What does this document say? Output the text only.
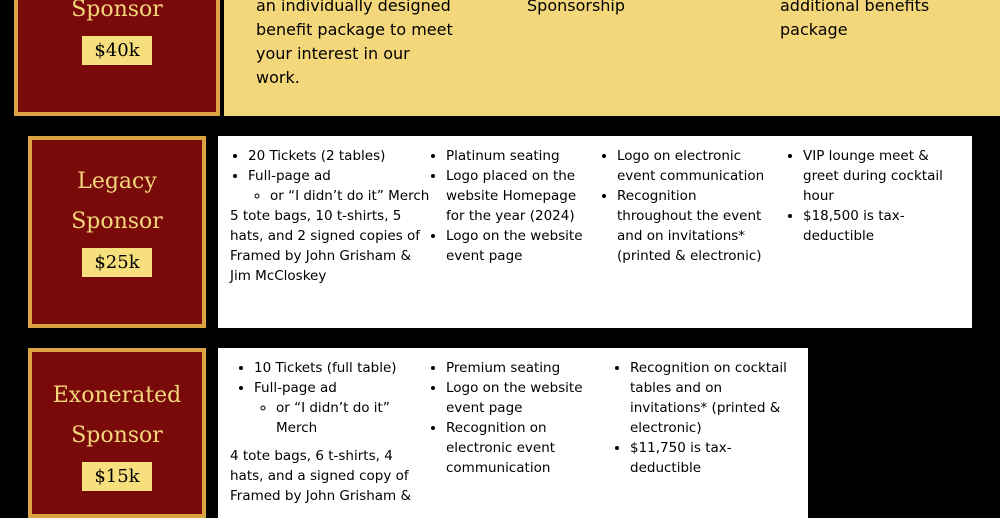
Sponsor
$40k

an individually designed benefit package to meet your interest in our work.

Sponsorship	additional benefits package

Legacy
Sponsor
$25k
• 20 Tickets (2 tables)
• Full-page ad
◦ or “I didn’t do it” Merch

5 tote bags, 10 t-shirts, 5 hats, and 2 signed copies of Framed by John Grisham & Jim McCloskey

• Platinum seating
• Logo placed on the website Homepage for the year (2024)
• Logo on the website event page
• Logo on electronic event communication
• Recognition throughout the event and on invitations* (printed & electronic)
• VIP lounge meet & greet during cocktail hour
• $18,500 is tax-deductible
Exonerated
Sponsor
$15k
• 10 Tickets (full table)
• Full-page ad
◦ or “I didn’t do it” Merch

4 tote bags, 6 t-shirts, 4 hats, and a signed copy of Framed by John Grisham &

• Premium seating
• Logo on the website event page
• Recognition on electronic event communication
• Recognition on cocktail tables and on invitations* (printed & electronic)
• $11,750 is tax-deductible
